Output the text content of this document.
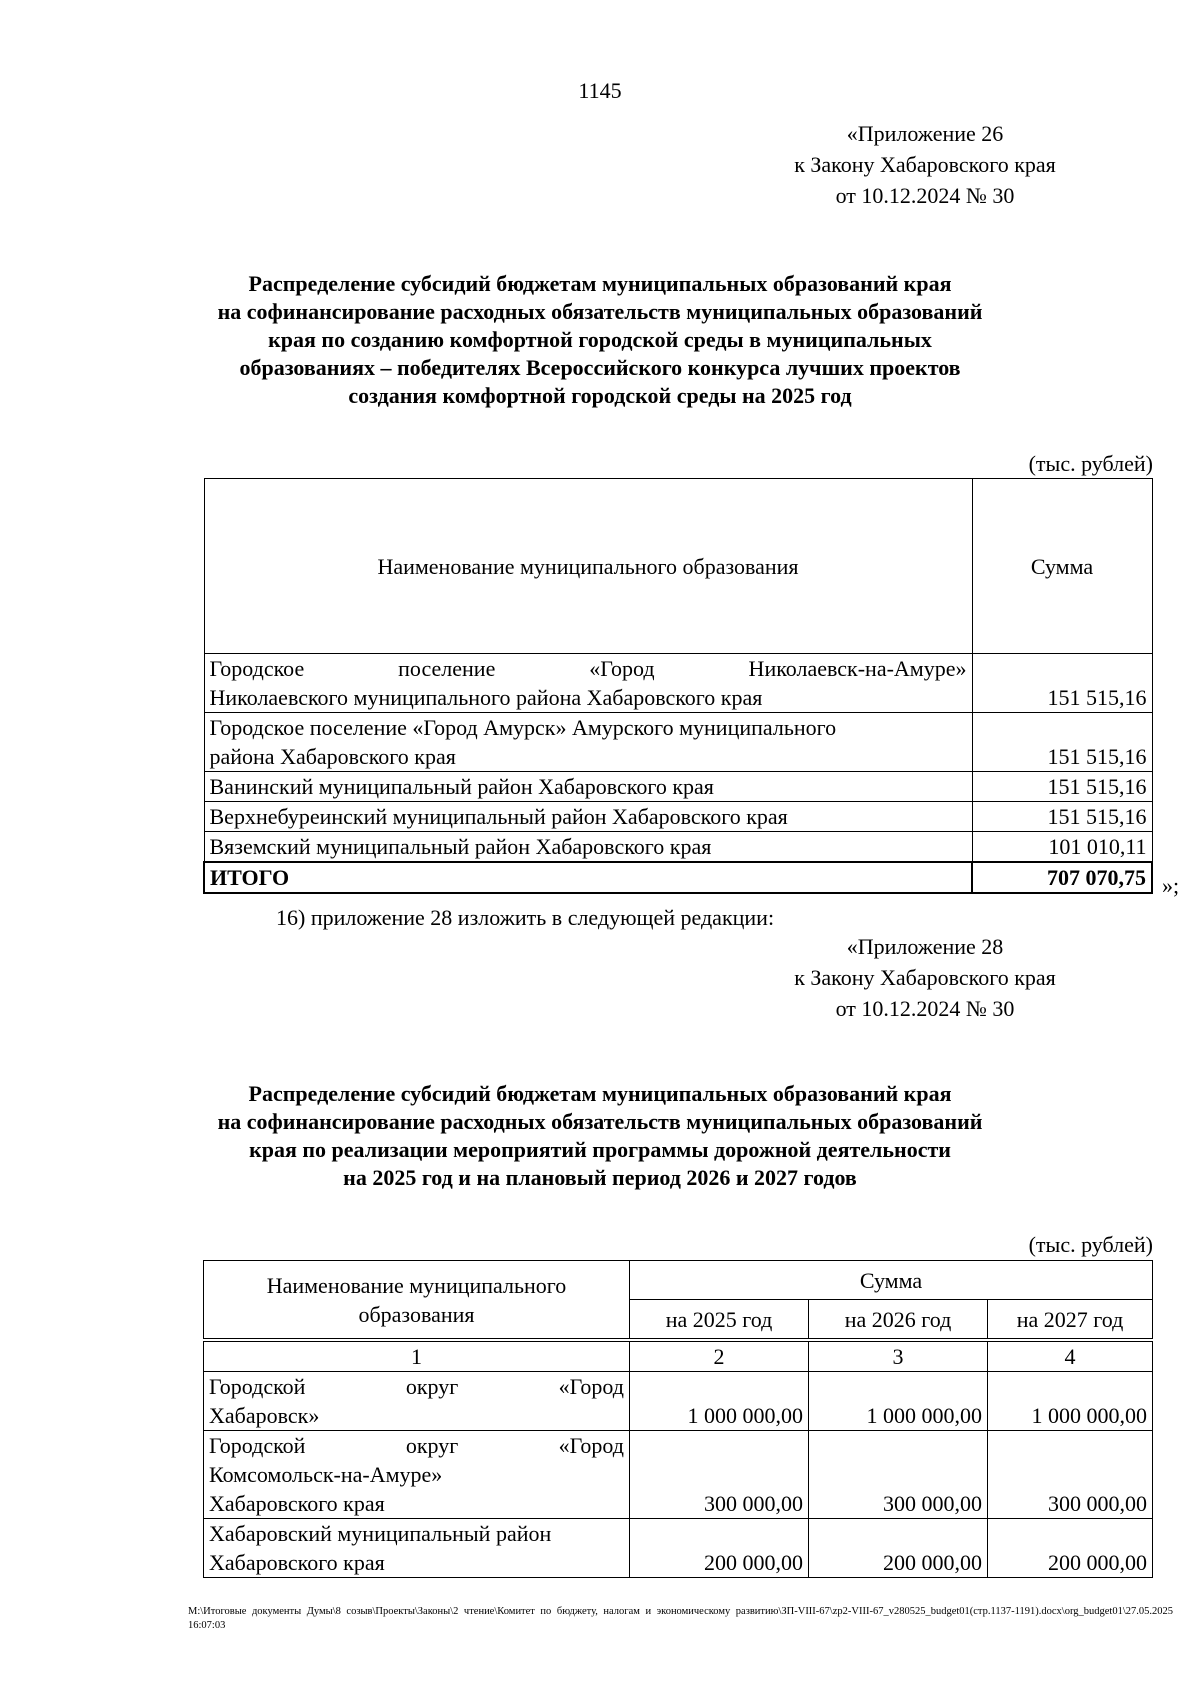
1145
«Приложение 26
к Закону Хабаровского края
от 10.12.2024 № 30
Распределение субсидий бюджетам муниципальных образований края
на софинансирование расходных обязательств муниципальных образований
края по созданию комфортной городской среды в муниципальных
образованиях – победителях Всероссийского конкурса лучших проектов
создания комфортной городской среды на 2025 год
(тыс. рублей)
Наименование муниципального образования	Сумма

Городское поселение «Город Николаевск-на-Амуре»
Николаевского муниципального района Хабаровского края	151 515,16

Городское поселение «Город Амурск» Амурского муниципального
района Хабаровского края	151 515,16
Ванинский муниципальный район Хабаровского края	151 515,16
Верхнебуреинский муниципальный район Хабаровского края	151 515,16
Вяземский муниципальный район Хабаровского края	101 010,11
ИТОГО	707 070,75 »;
16) приложение 28 изложить в следующей редакции:
«Приложение 28
к Закону Хабаровского края
от 10.12.2024 № 30
Распределение субсидий бюджетам муниципальных образований края
на софинансирование расходных обязательств муниципальных образований
края по реализации мероприятий программы дорожной деятельности
на 2025 год и на плановый период 2026 и 2027 годов
(тыс. рублей)
Наименование муниципального
образования	Сумма		
	на 2025 год	на 2026 год	на 2027 год
1	2	3	4

Городской округ «Город
Хабаровск»	1 000 000,00	1 000 000,00	1 000 000,00

Городской округ «Город
Комсомольск-на-Амуре»
Хабаровского края	300 000,00	300 000,00	300 000,00

Хабаровский муниципальный район
Хабаровского края	200 000,00	200 000,00	200 000,00
M:\Итоговые документы Думы\8 созыв\Проекты\Законы\2 чтение\Комитет по бюджету, налогам и экономическому развитию\ЗП-VIII-67\zp2-VIII-67_v280525_budget01(стр.1137-1191).docx\org_budget01\27.05.2025 16:07:03
